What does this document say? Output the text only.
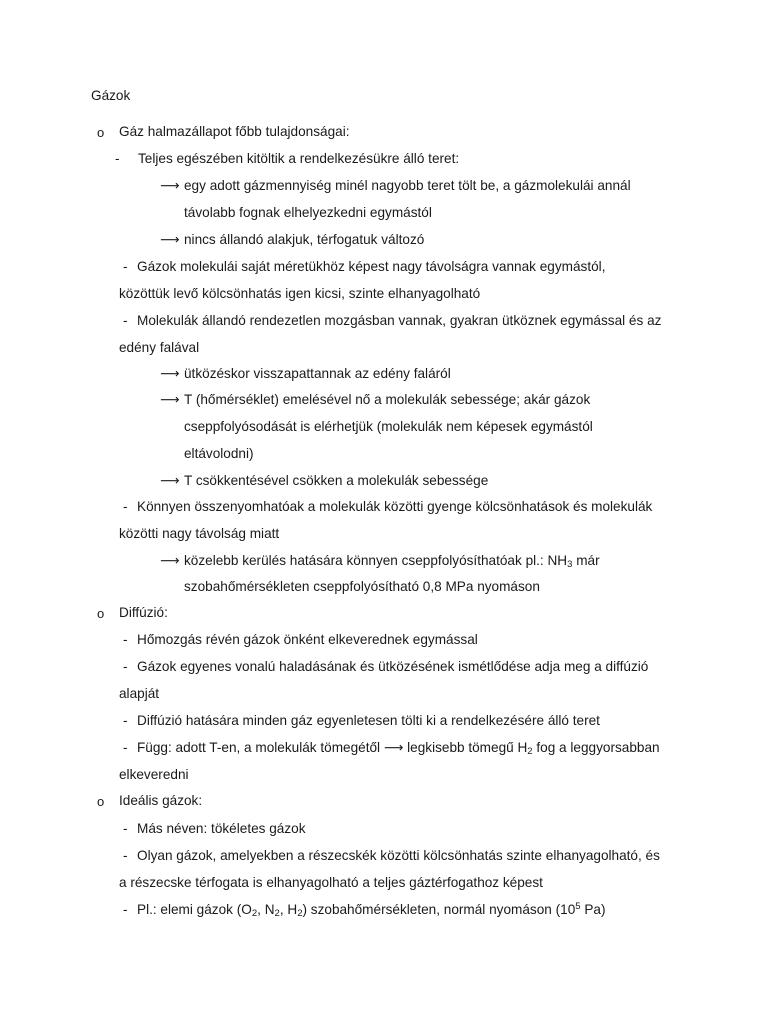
Gázok
o Gáz halmazállapot főbb tulajdonságai:
- Teljes egészében kitöltik a rendelkezésükre álló teret:
⟶ egy adott gázmennyiség minél nagyobb teret tölt be, a gázmolekulái annál
távolabb fognak elhelyezkedni egymástól
⟶ nincs állandó alakjuk, térfogatuk változó
- Gázok molekulái saját méretükhöz képest nagy távolságra vannak egymástól,
közöttük levő kölcsönhatás igen kicsi, szinte elhanyagolható
- Molekulák állandó rendezetlen mozgásban vannak, gyakran ütköznek egymással és az
edény falával
⟶ ütközéskor visszapattannak az edény faláról
⟶ T (hőmérséklet) emelésével nő a molekulák sebessége; akár gázok
cseppfolyósodását is elérhetjük (molekulák nem képesek egymástól
eltávolodni)
⟶ T csökkentésével csökken a molekulák sebessége
- Könnyen összenyomhatóak a molekulák közötti gyenge kölcsönhatások és molekulák
közötti nagy távolság miatt
⟶ közelebb kerülés hatására könnyen cseppfolyósíthatóak pl.: $NH_3$ már
szobahőmérsékleten cseppfolyósítható 0,8 MPa nyomáson
o Diffúzió:
- Hőmozgás révén gázok önként elkeverednek egymással
- Gázok egyenes vonalú haladásának és ütközésének ismétlődése adja meg a diffúzió
alapját
- Diffúzió hatására minden gáz egyenletesen tölti ki a rendelkezésére álló teret
- Függ: adott T-en, a molekulák tömegétől ⟶ legkisebb tömegű $H_2$ fog a leggyorsabban
elkeveredni
o Ideális gázok:
- Más néven: tökéletes gázok
- Olyan gázok, amelyekben a részecskék közötti kölcsönhatás szinte elhanyagolható, és
a részecske térfogata is elhanyagolható a teljes gáztérfogathoz képest
- Pl.: elemi gázok ($O_2$, $N_2$, $H_2$) szobahőmérsékleten, normál nyomáson ($10^5$ Pa)
